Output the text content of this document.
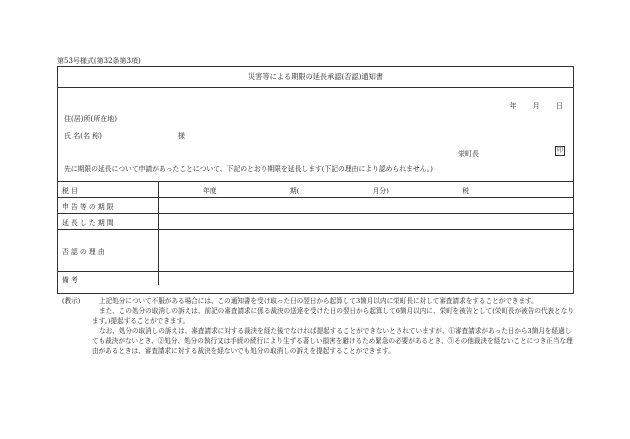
第53号様式(第32条第3項)
災害等による期限の延長承認(否認)通知書
年 月 日
住(居)所(所在地)
氏 名(名 称)	様
栄町長	印
先に期限の延長について申請があったことについて、下記のとおり期限を延長します(下記の理由により認められません。)
税 目	年度 期( 月分) 税

申 告 等 の 期 限	
延 長 し た 期 間	
否 認 の 理 由	
備 考	
(教示)	上記処分について不服がある場合には、この通知書を受け取った日の翌日から起算して3箇月以内に栄町長に対して審査請求をすることができます。

また、この処分の取消しの訴えは、前記の審査請求に係る裁決の送達を受けた日の翌日から起算して6箇月以内に、栄町を被告として(栄町長が被告の代表となります。)提起することができます。

なお、処分の取消しの訴えは、審査請求に対する裁決を経た後でなければ提起することができないとされていますが、①審査請求があった日から3箇月を経過しても裁決がないとき、②処分、処分の執行又は手続の続行により生ずる著しい損害を避けるため緊急の必要があるとき、③その他裁決を経ないことにつき正当な理由があるときは、審査請求に対する裁決を経ないでも処分の取消しの訴えを提起することができます。
